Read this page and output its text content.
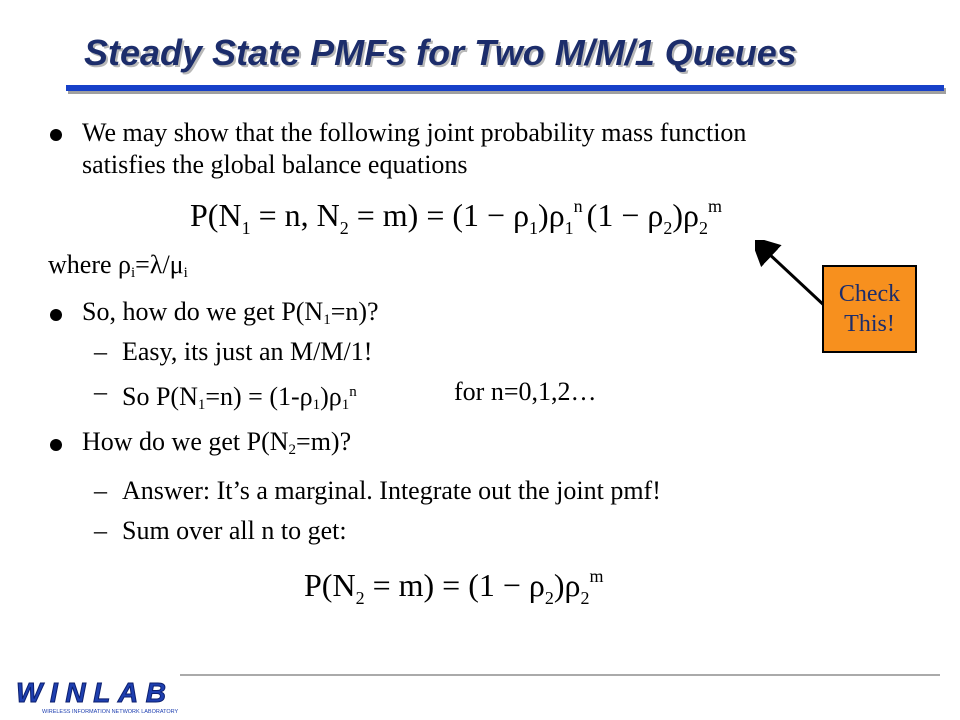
Steady State PMFs for Two M/M/1 Queues
We may show that the following joint probability mass function
satisfies the global balance equations
$P(N_1 = n$, $N_2 = m) = (1 - \rho_1)\rho_1^n$ $(1 - \rho_2)\rho_2^m$
where $\rho_i=\lambda/\mu_i$
So, how do we get $P(N_1=n)$?
– Easy, its just an M/M/1!
– So $P(N_1=n) = (1-\rho_1)\rho_1^n$	for n=0,1,2…
How do we get $P(N_2=m)$?
– Answer: It’s a marginal. Integrate out the joint pmf!
– Sum over all n to get:
$P(N_2 = m) = (1 - \rho_2)\rho_2^m$
Check
This!
WINLAB
WIRELESS INFORMATION NETWORK LABORATORY
